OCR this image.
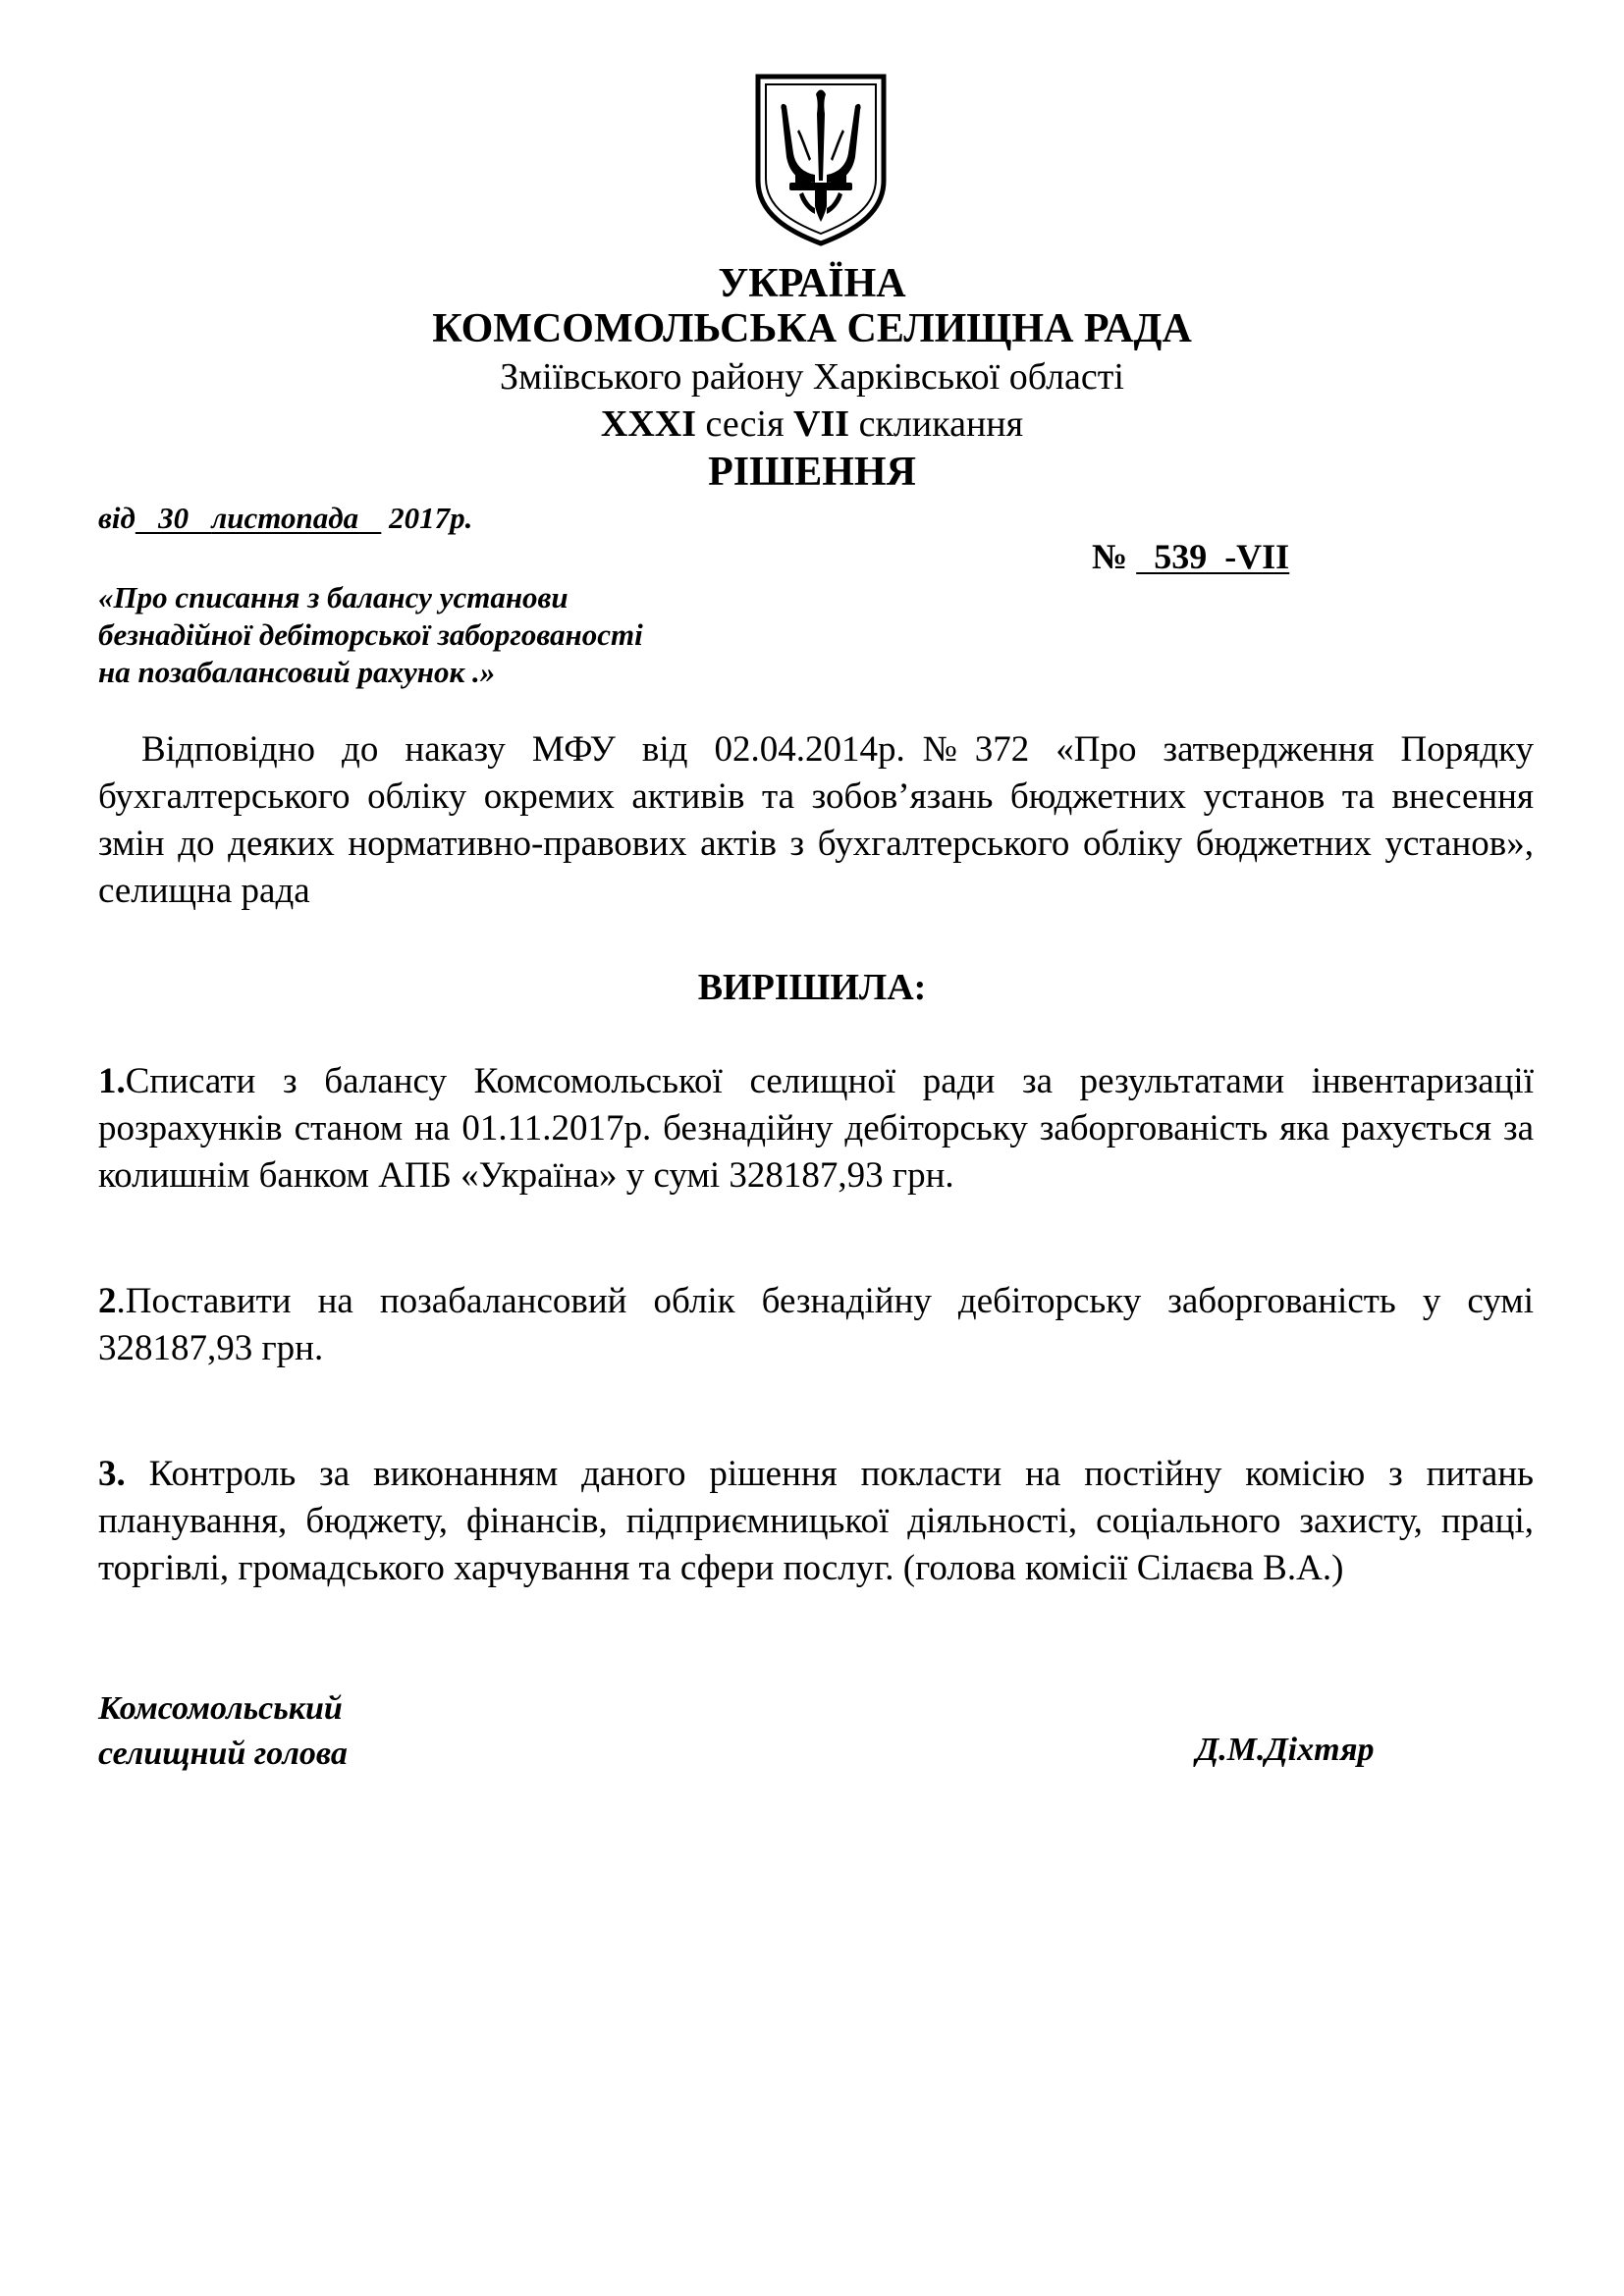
УКРАЇНА
КОМСОМОЛЬСЬКА СЕЛИЩНА РАДА
Зміївського району Харківської області
XXXI сесія VII скликання
РІШЕННЯ
від   30   листопада    2017р.
№   539  -VII
«Про списання з балансу установи
безнадійної дебіторської заборгованості
на позабалансовий рахунок .»
Відповідно до наказу МФУ від 02.04.2014р.№372 «Про затвердження Порядку бухгалтерського обліку окремих активів та зобов’язань бюджетних установ та внесення змін до деяких нормативно-правових актів з бухгалтерського обліку бюджетних установ», селищна рада
ВИРІШИЛА:
1.Списати з балансу Комсомольської селищної ради за результатами інвентаризації розрахунків станом на 01.11.2017р. безнадійну дебіторську заборгованість яка рахується за колишнім банком АПБ «Україна» у сумі 328187,93 грн.
2.Поставити на позабалансовий облік безнадійну дебіторську заборгованість у сумі 328187,93 грн.
3. Контроль за виконанням даного рішення покласти на постійну комісію з питань планування, бюджету, фінансів, підприємницької діяльності, соціального захисту, праці, торгівлі, громадського харчування та сфери послуг. (голова комісії Сілаєва В.А.)
Комсомольський
селищний голова	Д.М.Діхтяр
